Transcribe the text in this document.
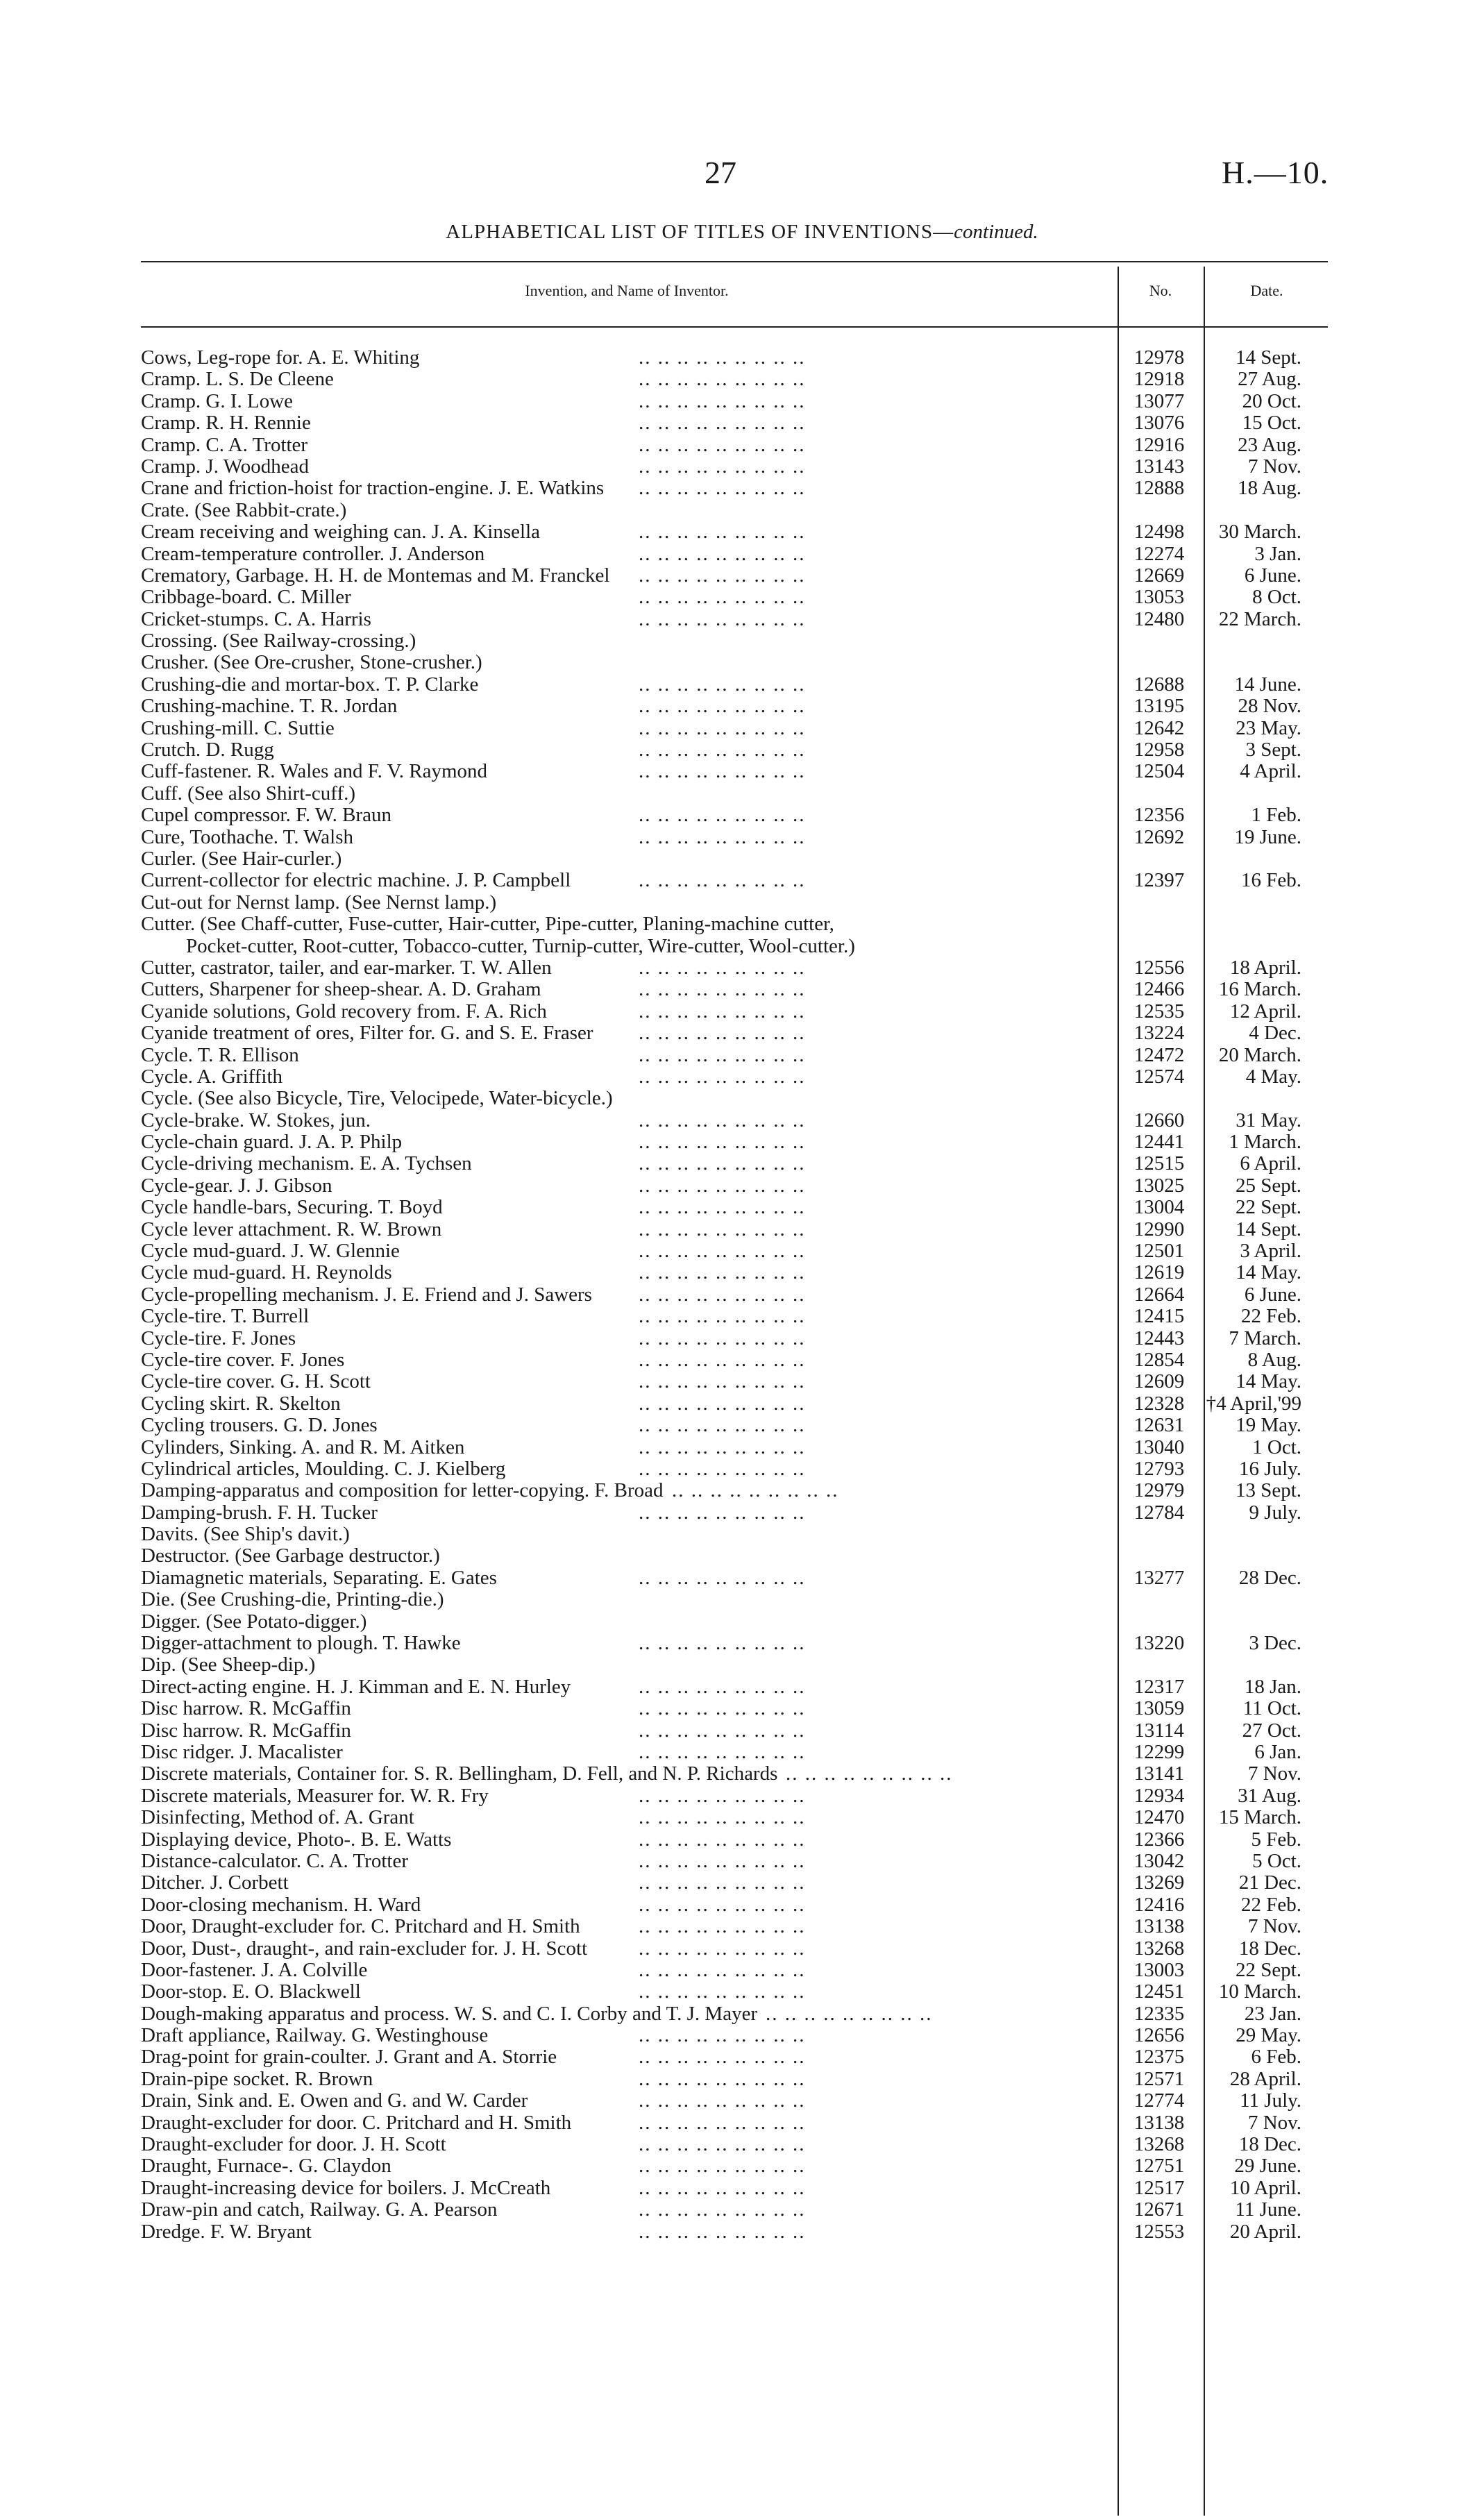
27	H.—10.
ALPHABETICAL LIST OF TITLES OF INVENTIONS—continued.
Invention, and Name of Inventor.	No.	Date.
Cows, Leg-rope for. A. E. Whiting	.. .. .. .. .. .. .. .. ..	12978	14 Sept.
Cramp. L. S. De Cleene	.. .. .. .. .. .. .. .. ..	12918	27 Aug.
Cramp. G. I. Lowe	.. .. .. .. .. .. .. .. ..	13077	20 Oct.
Cramp. R. H. Rennie	.. .. .. .. .. .. .. .. ..	13076	15 Oct.
Cramp. C. A. Trotter	.. .. .. .. .. .. .. .. ..	12916	23 Aug.
Cramp. J. Woodhead	.. .. .. .. .. .. .. .. ..	13143	7 Nov.
Crane and friction-hoist for traction-engine. J. E. Watkins .. .. .. .. .. .. .. .. ..	12888	18 Aug.
Crate. (See Rabbit-crate.)
Cream receiving and weighing can. J. A. Kinsella	.. .. .. .. .. .. .. .. ..	12498	30 March.
Cream-temperature controller. J. Anderson	.. .. .. .. .. .. .. .. ..	12274	3 Jan.
Crematory, Garbage. H. H. de Montemas and M. Franckel .. .. .. .. .. .. .. .. ..	12669	6 June.
Cribbage-board. C. Miller	.. .. .. .. .. .. .. .. ..	13053	8 Oct.
Cricket-stumps. C. A. Harris	.. .. .. .. .. .. .. .. ..	12480	22 March.
Crossing. (See Railway-crossing.)
Crusher. (See Ore-crusher, Stone-crusher.)
Crushing-die and mortar-box. T. P. Clarke	.. .. .. .. .. .. .. .. ..	12688	14 June.
Crushing-machine. T. R. Jordan	.. .. .. .. .. .. .. .. ..	13195	28 Nov.
Crushing-mill. C. Suttie	.. .. .. .. .. .. .. .. ..	12642	23 May.
Crutch. D. Rugg	.. .. .. .. .. .. .. .. ..	12958	3 Sept.
Cuff-fastener. R. Wales and F. V. Raymond	.. .. .. .. .. .. .. .. ..	12504	4 April.
Cuff. (See also Shirt-cuff.)
Cupel compressor. F. W. Braun	.. .. .. .. .. .. .. .. ..	12356	1 Feb.
Cure, Toothache. T. Walsh	.. .. .. .. .. .. .. .. ..	12692	19 June.
Curler. (See Hair-curler.)
Current-collector for electric machine. J. P. Campbell	.. .. .. .. .. .. .. .. ..	12397	16 Feb.
Cut-out for Nernst lamp. (See Nernst lamp.)
Cutter. (See Chaff-cutter, Fuse-cutter, Hair-cutter, Pipe-cutter, Planing-machine cutter,
Pocket-cutter, Root-cutter, Tobacco-cutter, Turnip-cutter, Wire-cutter, Wool-cutter.)
Cutter, castrator, tailer, and ear-marker. T. W. Allen	.. .. .. .. .. .. .. .. ..	12556	18 April.
Cutters, Sharpener for sheep-shear. A. D. Graham	.. .. .. .. .. .. .. .. ..	12466	16 March.
Cyanide solutions, Gold recovery from. F. A. Rich	.. .. .. .. .. .. .. .. ..	12535	12 April.
Cyanide treatment of ores, Filter for. G. and S. E. Fraser .. .. .. .. .. .. .. .. ..	13224	4 Dec.
Cycle. T. R. Ellison	.. .. .. .. .. .. .. .. ..	12472	20 March.
Cycle. A. Griffith	.. .. .. .. .. .. .. .. ..	12574	4 May.
Cycle. (See also Bicycle, Tire, Velocipede, Water-bicycle.)
Cycle-brake. W. Stokes, jun.	.. .. .. .. .. .. .. .. ..	12660	31 May.
Cycle-chain guard. J. A. P. Philp	.. .. .. .. .. .. .. .. ..	12441	1 March.
Cycle-driving mechanism. E. A. Tychsen	.. .. .. .. .. .. .. .. ..	12515	6 April.
Cycle-gear. J. J. Gibson	.. .. .. .. .. .. .. .. ..	13025	25 Sept.
Cycle handle-bars, Securing. T. Boyd	.. .. .. .. .. .. .. .. ..	13004	22 Sept.
Cycle lever attachment. R. W. Brown	.. .. .. .. .. .. .. .. ..	12990	14 Sept.
Cycle mud-guard. J. W. Glennie	.. .. .. .. .. .. .. .. ..	12501	3 April.
Cycle mud-guard. H. Reynolds	.. .. .. .. .. .. .. .. ..	12619	14 May.
Cycle-propelling mechanism. J. E. Friend and J. Sawers .. .. .. .. .. .. .. .. ..	12664	6 June.
Cycle-tire. T. Burrell	.. .. .. .. .. .. .. .. ..	12415	22 Feb.
Cycle-tire. F. Jones	.. .. .. .. .. .. .. .. ..	12443	7 March.
Cycle-tire cover. F. Jones	.. .. .. .. .. .. .. .. ..	12854	8 Aug.
Cycle-tire cover. G. H. Scott	.. .. .. .. .. .. .. .. ..	12609	14 May.
Cycling skirt. R. Skelton	.. .. .. .. .. .. .. .. ..	12328	†4 April,'99
Cycling trousers. G. D. Jones	.. .. .. .. .. .. .. .. ..	12631	19 May.
Cylinders, Sinking. A. and R. M. Aitken	.. .. .. .. .. .. .. .. ..	13040	1 Oct.
Cylindrical articles, Moulding. C. J. Kielberg	.. .. .. .. .. .. .. .. ..	12793	16 July.
Damping-apparatus and composition for letter-copying. F. Broad .. .. .. .. .. .. .. .. ..	12979	13 Sept.
Damping-brush. F. H. Tucker	.. .. .. .. .. .. .. .. ..	12784	9 July.
Davits. (See Ship's davit.)
Destructor. (See Garbage destructor.)
Diamagnetic materials, Separating. E. Gates	.. .. .. .. .. .. .. .. ..	13277	28 Dec.
Die. (See Crushing-die, Printing-die.)
Digger. (See Potato-digger.)
Digger-attachment to plough. T. Hawke	.. .. .. .. .. .. .. .. ..	13220	3 Dec.
Dip. (See Sheep-dip.)
Direct-acting engine. H. J. Kimman and E. N. Hurley	.. .. .. .. .. .. .. .. ..	12317	18 Jan.
Disc harrow. R. McGaffin	.. .. .. .. .. .. .. .. ..	13059	11 Oct.
Disc harrow. R. McGaffin	.. .. .. .. .. .. .. .. ..	13114	27 Oct.
Disc ridger. J. Macalister	.. .. .. .. .. .. .. .. ..	12299	6 Jan.
Discrete materials, Container for. S. R. Bellingham, D. Fell, and N. P. Richards .. .. .. .. .. .. .. .. ..	13141	7 Nov.
Discrete materials, Measurer for. W. R. Fry	.. .. .. .. .. .. .. .. ..	12934	31 Aug.
Disinfecting, Method of. A. Grant	.. .. .. .. .. .. .. .. ..	12470	15 March.
Displaying device, Photo-. B. E. Watts	.. .. .. .. .. .. .. .. ..	12366	5 Feb.
Distance-calculator. C. A. Trotter	.. .. .. .. .. .. .. .. ..	13042	5 Oct.
Ditcher. J. Corbett	.. .. .. .. .. .. .. .. ..	13269	21 Dec.
Door-closing mechanism. H. Ward	.. .. .. .. .. .. .. .. ..	12416	22 Feb.
Door, Draught-excluder for. C. Pritchard and H. Smith	.. .. .. .. .. .. .. .. ..	13138	7 Nov.
Door, Dust-, draught-, and rain-excluder for. J. H. Scott	.. .. .. .. .. .. .. .. ..	13268	18 Dec.
Door-fastener. J. A. Colville	.. .. .. .. .. .. .. .. ..	13003	22 Sept.
Door-stop. E. O. Blackwell	.. .. .. .. .. .. .. .. ..	12451	10 March.
Dough-making apparatus and process. W. S. and C. I. Corby and T. J. Mayer .. .. .. .. .. .. .. .. ..	12335	23 Jan.
Draft appliance, Railway. G. Westinghouse	.. .. .. .. .. .. .. .. ..	12656	29 May.
Drag-point for grain-coulter. J. Grant and A. Storrie	.. .. .. .. .. .. .. .. ..	12375	6 Feb.
Drain-pipe socket. R. Brown	.. .. .. .. .. .. .. .. ..	12571	28 April.
Drain, Sink and. E. Owen and G. and W. Carder	.. .. .. .. .. .. .. .. ..	12774	11 July.
Draught-excluder for door. C. Pritchard and H. Smith	.. .. .. .. .. .. .. .. ..	13138	7 Nov.
Draught-excluder for door. J. H. Scott	.. .. .. .. .. .. .. .. ..	13268	18 Dec.
Draught, Furnace-. G. Claydon	.. .. .. .. .. .. .. .. ..	12751	29 June.
Draught-increasing device for boilers. J. McCreath	.. .. .. .. .. .. .. .. ..	12517	10 April.
Draw-pin and catch, Railway. G. A. Pearson	.. .. .. .. .. .. .. .. ..	12671	11 June.
Dredge. F. W. Bryant	.. .. .. .. .. .. .. .. ..	12553	20 April.
